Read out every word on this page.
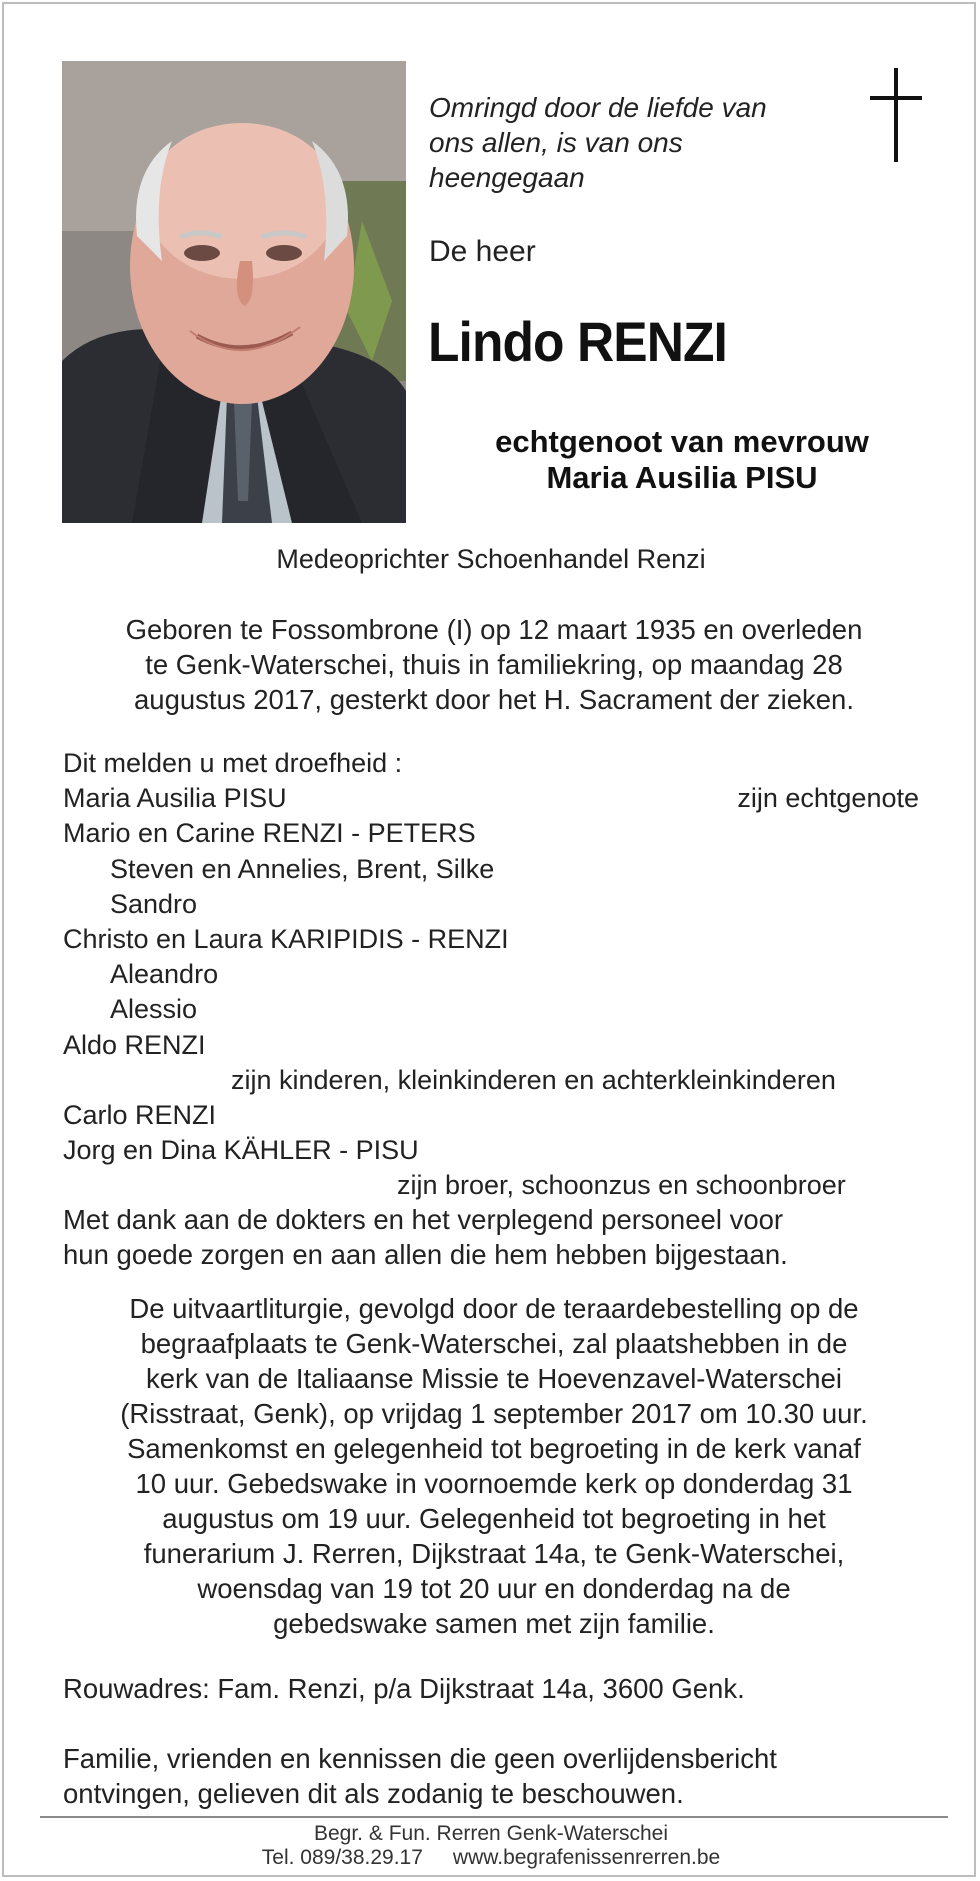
Omringd door de liefde van
ons allen, is van ons
heengegaan
De heer
Lindo RENZI
echtgenoot van mevrouw
Maria Ausilia PISU
Medeoprichter Schoenhandel Renzi
Geboren te Fossombrone (I) op 12 maart 1935 en overleden
te Genk-Waterschei, thuis in familiekring, op maandag 28
augustus 2017, gesterkt door het H. Sacrament der zieken.
Dit melden u met droefheid :
Maria Ausilia PISU	zijn echtgenote
Mario en Carine RENZI - PETERS
Steven en Annelies, Brent, Silke
Sandro
Christo en Laura KARIPIDIS - RENZI
Aleandro
Alessio
Aldo RENZI
zijn kinderen, kleinkinderen en achterkleinkinderen
Carlo RENZI
Jorg en Dina KÄHLER - PISU
zijn broer, schoonzus en schoonbroer
Met dank aan de dokters en het verplegend personeel voor
hun goede zorgen en aan allen die hem hebben bijgestaan.
De uitvaartliturgie, gevolgd door de teraardebestelling op de
begraafplaats te Genk-Waterschei, zal plaatshebben in de
kerk van de Italiaanse Missie te Hoevenzavel-Waterschei
(Risstraat, Genk), op vrijdag 1 september 2017 om 10.30 uur.
Samenkomst en gelegenheid tot begroeting in de kerk vanaf
10 uur. Gebedswake in voornoemde kerk op donderdag 31
augustus om 19 uur. Gelegenheid tot begroeting in het
funerarium J. Rerren, Dijkstraat 14a, te Genk-Waterschei,
woensdag van 19 tot 20 uur en donderdag na de
gebedswake samen met zijn familie.
Rouwadres: Fam. Renzi, p/a Dijkstraat 14a, 3600 Genk.
Familie, vrienden en kennissen die geen overlijdensbericht
ontvingen, gelieven dit als zodanig te beschouwen.
Begr. & Fun. Rerren Genk-Waterschei
Tel. 089/38.29.17 www.begrafenissenrerren.be
